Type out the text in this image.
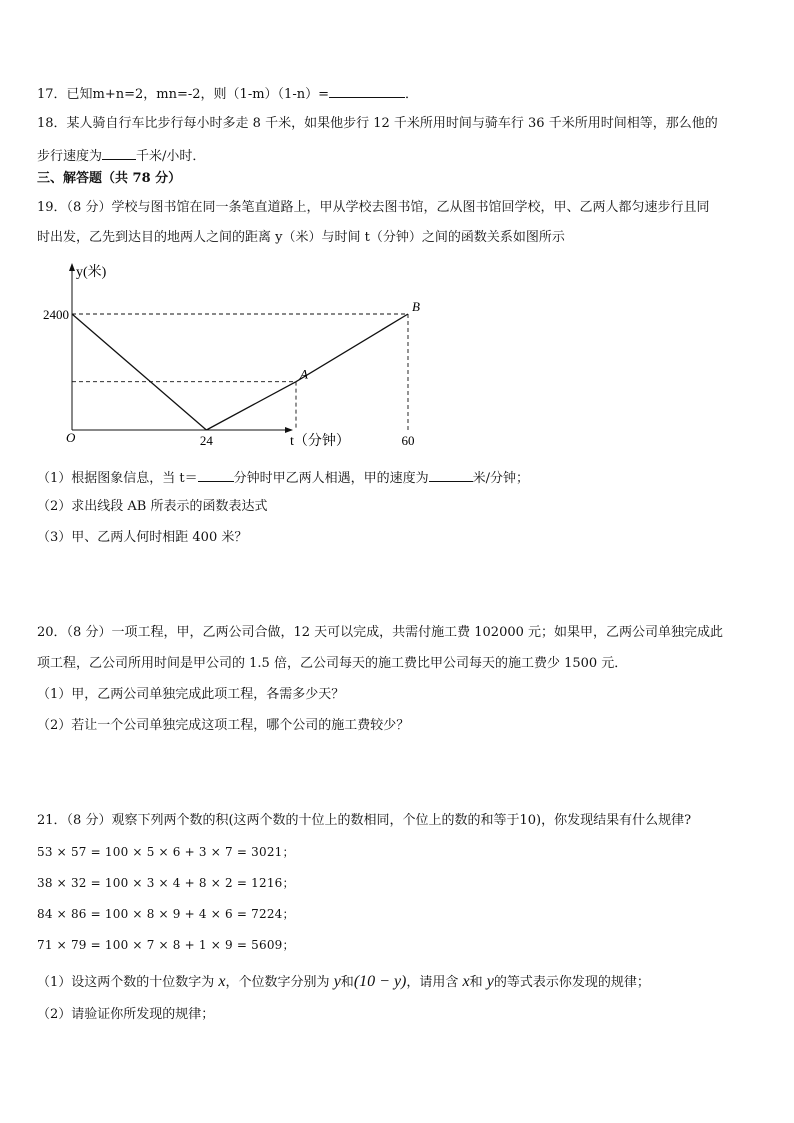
17．已知m+n=2，mn=-2，则（1-m）（1-n）=	．
18．某人骑自行车比步行每小时多走 8 千米，如果他步行 12 千米所用时间与骑车行 36 千米所用时间相等，那么他的
步行速度为	千米/小时．
三、解答题（共 78 分）
19．（8 分）学校与图书馆在同一条笔直道路上，甲从学校去图书馆，乙从图书馆回学校，甲、乙两人都匀速步行且同
时出发，乙先到达目的地两人之间的距离 y（米）与时间 t（分钟）之间的函数关系如图所示
A
B
24	60
2400
y(米)
t（分钟）
O
（1）根据图象信息，当 t＝	分钟时甲乙两人相遇，甲的速度为	米/分钟；
（2）求出线段 AB 所表示的函数表达式
（3）甲、乙两人何时相距 400 米？
20．（8 分）一项工程，甲，乙两公司合做，12 天可以完成，共需付施工费 102000 元；如果甲，乙两公司单独完成此
项工程，乙公司所用时间是甲公司的 1.5 倍，乙公司每天的施工费比甲公司每天的施工费少 1500 元．
（1）甲，乙两公司单独完成此项工程，各需多少天？
（2）若让一个公司单独完成这项工程，哪个公司的施工费较少？
21．（8 分）观察下列两个数的积(这两个数的十位上的数相同，个位上的数的和等于10)，你发现结果有什么规律?
53 × 57 = 100 × 5 × 6 + 3 × 7 = 3021；
38 × 32 = 100 × 3 × 4 + 8 × 2 = 1216；
84 × 86 = 100 × 8 × 9 + 4 × 6 = 7224；
71 × 79 = 100 × 7 × 8 + 1 × 9 = 5609；
（1）设这两个数的十位数字为 x，个位数字分别为 y和(10 − y)，请用含 x和 y的等式表示你发现的规律；
（2）请验证你所发现的规律；
